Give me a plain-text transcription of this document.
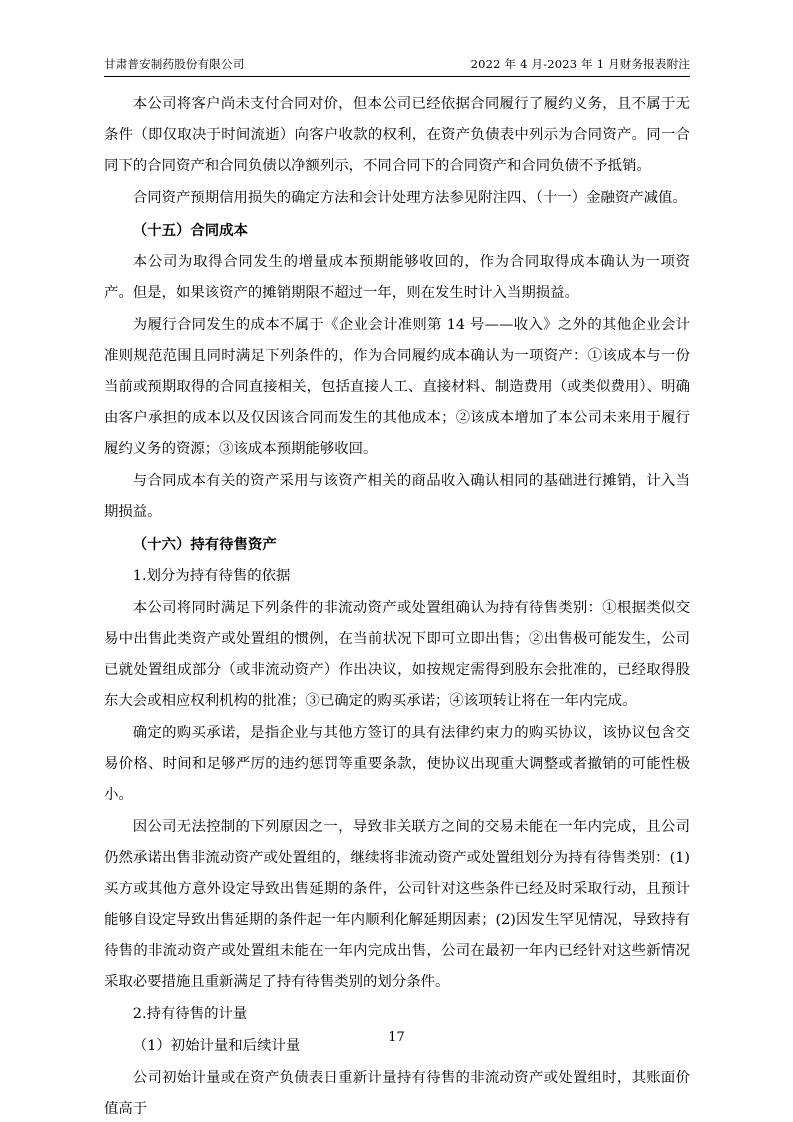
甘肃普安制药股份有限公司	2022 年 4 月-2023 年 1 月财务报表附注

本公司将客户尚未支付合同对价，但本公司已经依据合同履行了履约义务，且不属于无条件（即仅取决于时间流逝）向客户收款的权利，在资产负债表中列示为合同资产。同一合同下的合同资产和合同负债以净额列示，不同合同下的合同资产和合同负债不予抵销。

合同资产预期信用损失的确定方法和会计处理方法参见附注四、（十一）金融资产减值。

（十五）合同成本

本公司为取得合同发生的增量成本预期能够收回的，作为合同取得成本确认为一项资产。但是，如果该资产的摊销期限不超过一年，则在发生时计入当期损益。

为履行合同发生的成本不属于《企业会计准则第 14 号——收入》之外的其他企业会计准则规范范围且同时满足下列条件的，作为合同履约成本确认为一项资产：①该成本与一份当前或预期取得的合同直接相关，包括直接人工、直接材料、制造费用（或类似费用）、明确由客户承担的成本以及仅因该合同而发生的其他成本；②该成本增加了本公司未来用于履行履约义务的资源；③该成本预期能够收回。

与合同成本有关的资产采用与该资产相关的商品收入确认相同的基础进行摊销，计入当期损益。

（十六）持有待售资产

1.划分为持有待售的依据

本公司将同时满足下列条件的非流动资产或处置组确认为持有待售类别：①根据类似交易中出售此类资产或处置组的惯例，在当前状况下即可立即出售；②出售极可能发生，公司已就处置组成部分（或非流动资产）作出决议，如按规定需得到股东会批准的，已经取得股东大会或相应权利机构的批准；③已确定的购买承诺；④该项转让将在一年内完成。

确定的购买承诺，是指企业与其他方签订的具有法律约束力的购买协议，该协议包含交易价格、时间和足够严厉的违约惩罚等重要条款，使协议出现重大调整或者撤销的可能性极小。

因公司无法控制的下列原因之一，导致非关联方之间的交易未能在一年内完成，且公司仍然承诺出售非流动资产或处置组的，继续将非流动资产或处置组划分为持有待售类别：(1)买方或其他方意外设定导致出售延期的条件，公司针对这些条件已经及时采取行动，且预计能够自设定导致出售延期的条件起一年内顺利化解延期因素；(2)因发生罕见情况，导致持有待售的非流动资产或处置组未能在一年内完成出售，公司在最初一年内已经针对这些新情况采取必要措施且重新满足了持有待售类别的划分条件。

2.持有待售的计量

（1）初始计量和后续计量

公司初始计量或在资产负债表日重新计量持有待售的非流动资产或处置组时，其账面价值高于

17
